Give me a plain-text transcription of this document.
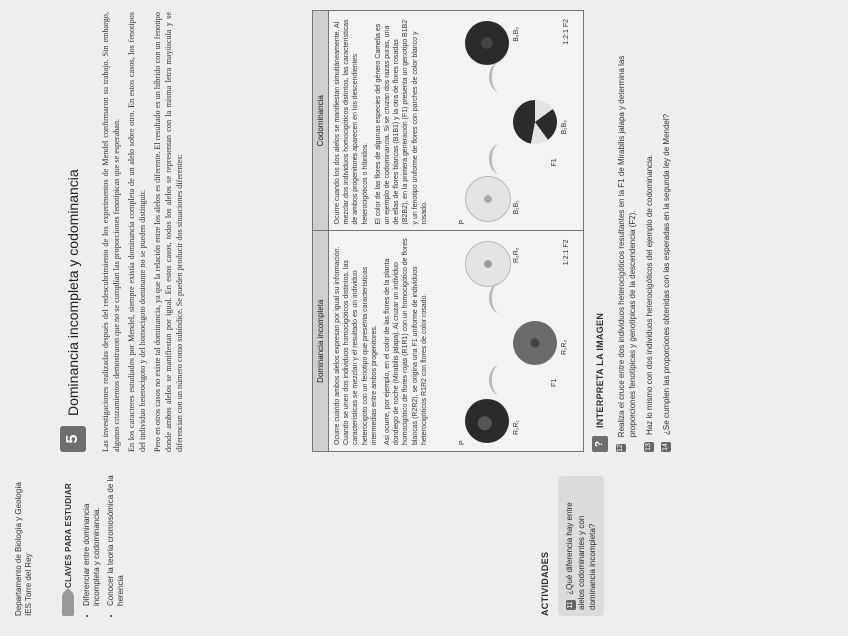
Departamento de Biología y Geología IES Torre del Rey	CLAVES PARA ESTUDIAR • Diferenciar entre dominancia incompleta y codominancia. • Conocer la teoría cromosómica de la herencia	ACTIVIDADES	11 ¿Qué diferencia hay entre alelos codominantes y con dominancia incompleta?
5
Dominancia incompleta y codominancia Las investigaciones realizadas después del redescubrimiento de los experimentos de Mendel confirmaron su trabajo. Sin embargo, algunos cruzamientos demostraron que no se cumplían las proporciones fenotípicas que se esperaban. En los caracteres estudiados por Mendel, siempre existía dominancia completa de un alelo sobre otro. En estos casos, los fenotipos del individuo heterocigoto y del homocigoto dominante no se pueden distinguir. Pero en otros casos no existe tal dominancia, ya que la relación entre los alelos es diferente. El resultado es un híbrido con un fenotipo donde ambos alelos se manifiestan por igual. En estos casos, todos los alelos se representan con la misma letra mayúscula y se diferencian con un número como subíndice. Se pueden producir dos situaciones diferentes:	Dominancia incompleta	Ocurre cuando ambos alelos expresan por igual su información. Cuando se unen dos individuos homocigóticos distintos, las características se mezclan y el resultado es un individuo heterocigoto con un fenotipo que presenta características intermedias entre ambos progenitores. Así ocurre, por ejemplo, en el color de las flores de la planta dondiego de noche (Mirabilis jalapa). Al cruzar un individuo homocigótico de flores rojas (R1R1) con un homocigótico de flores blancas (R2R2), se origina una F1 uniforme de individuos heterocigóticos R1R2 con flores de color rosado.	P
R₁R₁
R₂R₂
F1
R₁R₂
1:2:1 F2
Codominancia	Ocurre cuando los dos alelos se manifiestan simultáneamente. Al mezclar dos individuos homocigóticos distintos, las características de ambos progenitores aparecen en los descendientes heterocigóticos o híbridos. El color de las flores de algunas especies del género Camelia es un ejemplo de codominancia. Si se cruzan dos razas puras, una de ellas de flores blancas (B1B1) y la otra de flores rosadas (B2B2), en la primera generación (F1) presenta un genotipo B1B2 y un fenotipo uniforme de flores con parches de color blanco y rosado.	P
B₁B₁
B₂B₂
F1
B₁B₂
1:2:1 F2
?
INTERPRETA LA IMAGEN
12
Realiza el cruce entre dos individuos heterocigóticos resultantes en la F1 de Mirabilis jalapa y determina las proporciones fenotípicas y genotípicas de la descendencia (F2).
13
Haz lo mismo con dos individuos heterocigóticos del ejemplo de codominancia.
14
¿Se cumplen las proporciones obtenidas con las esperadas en la segunda ley de Mendel?
